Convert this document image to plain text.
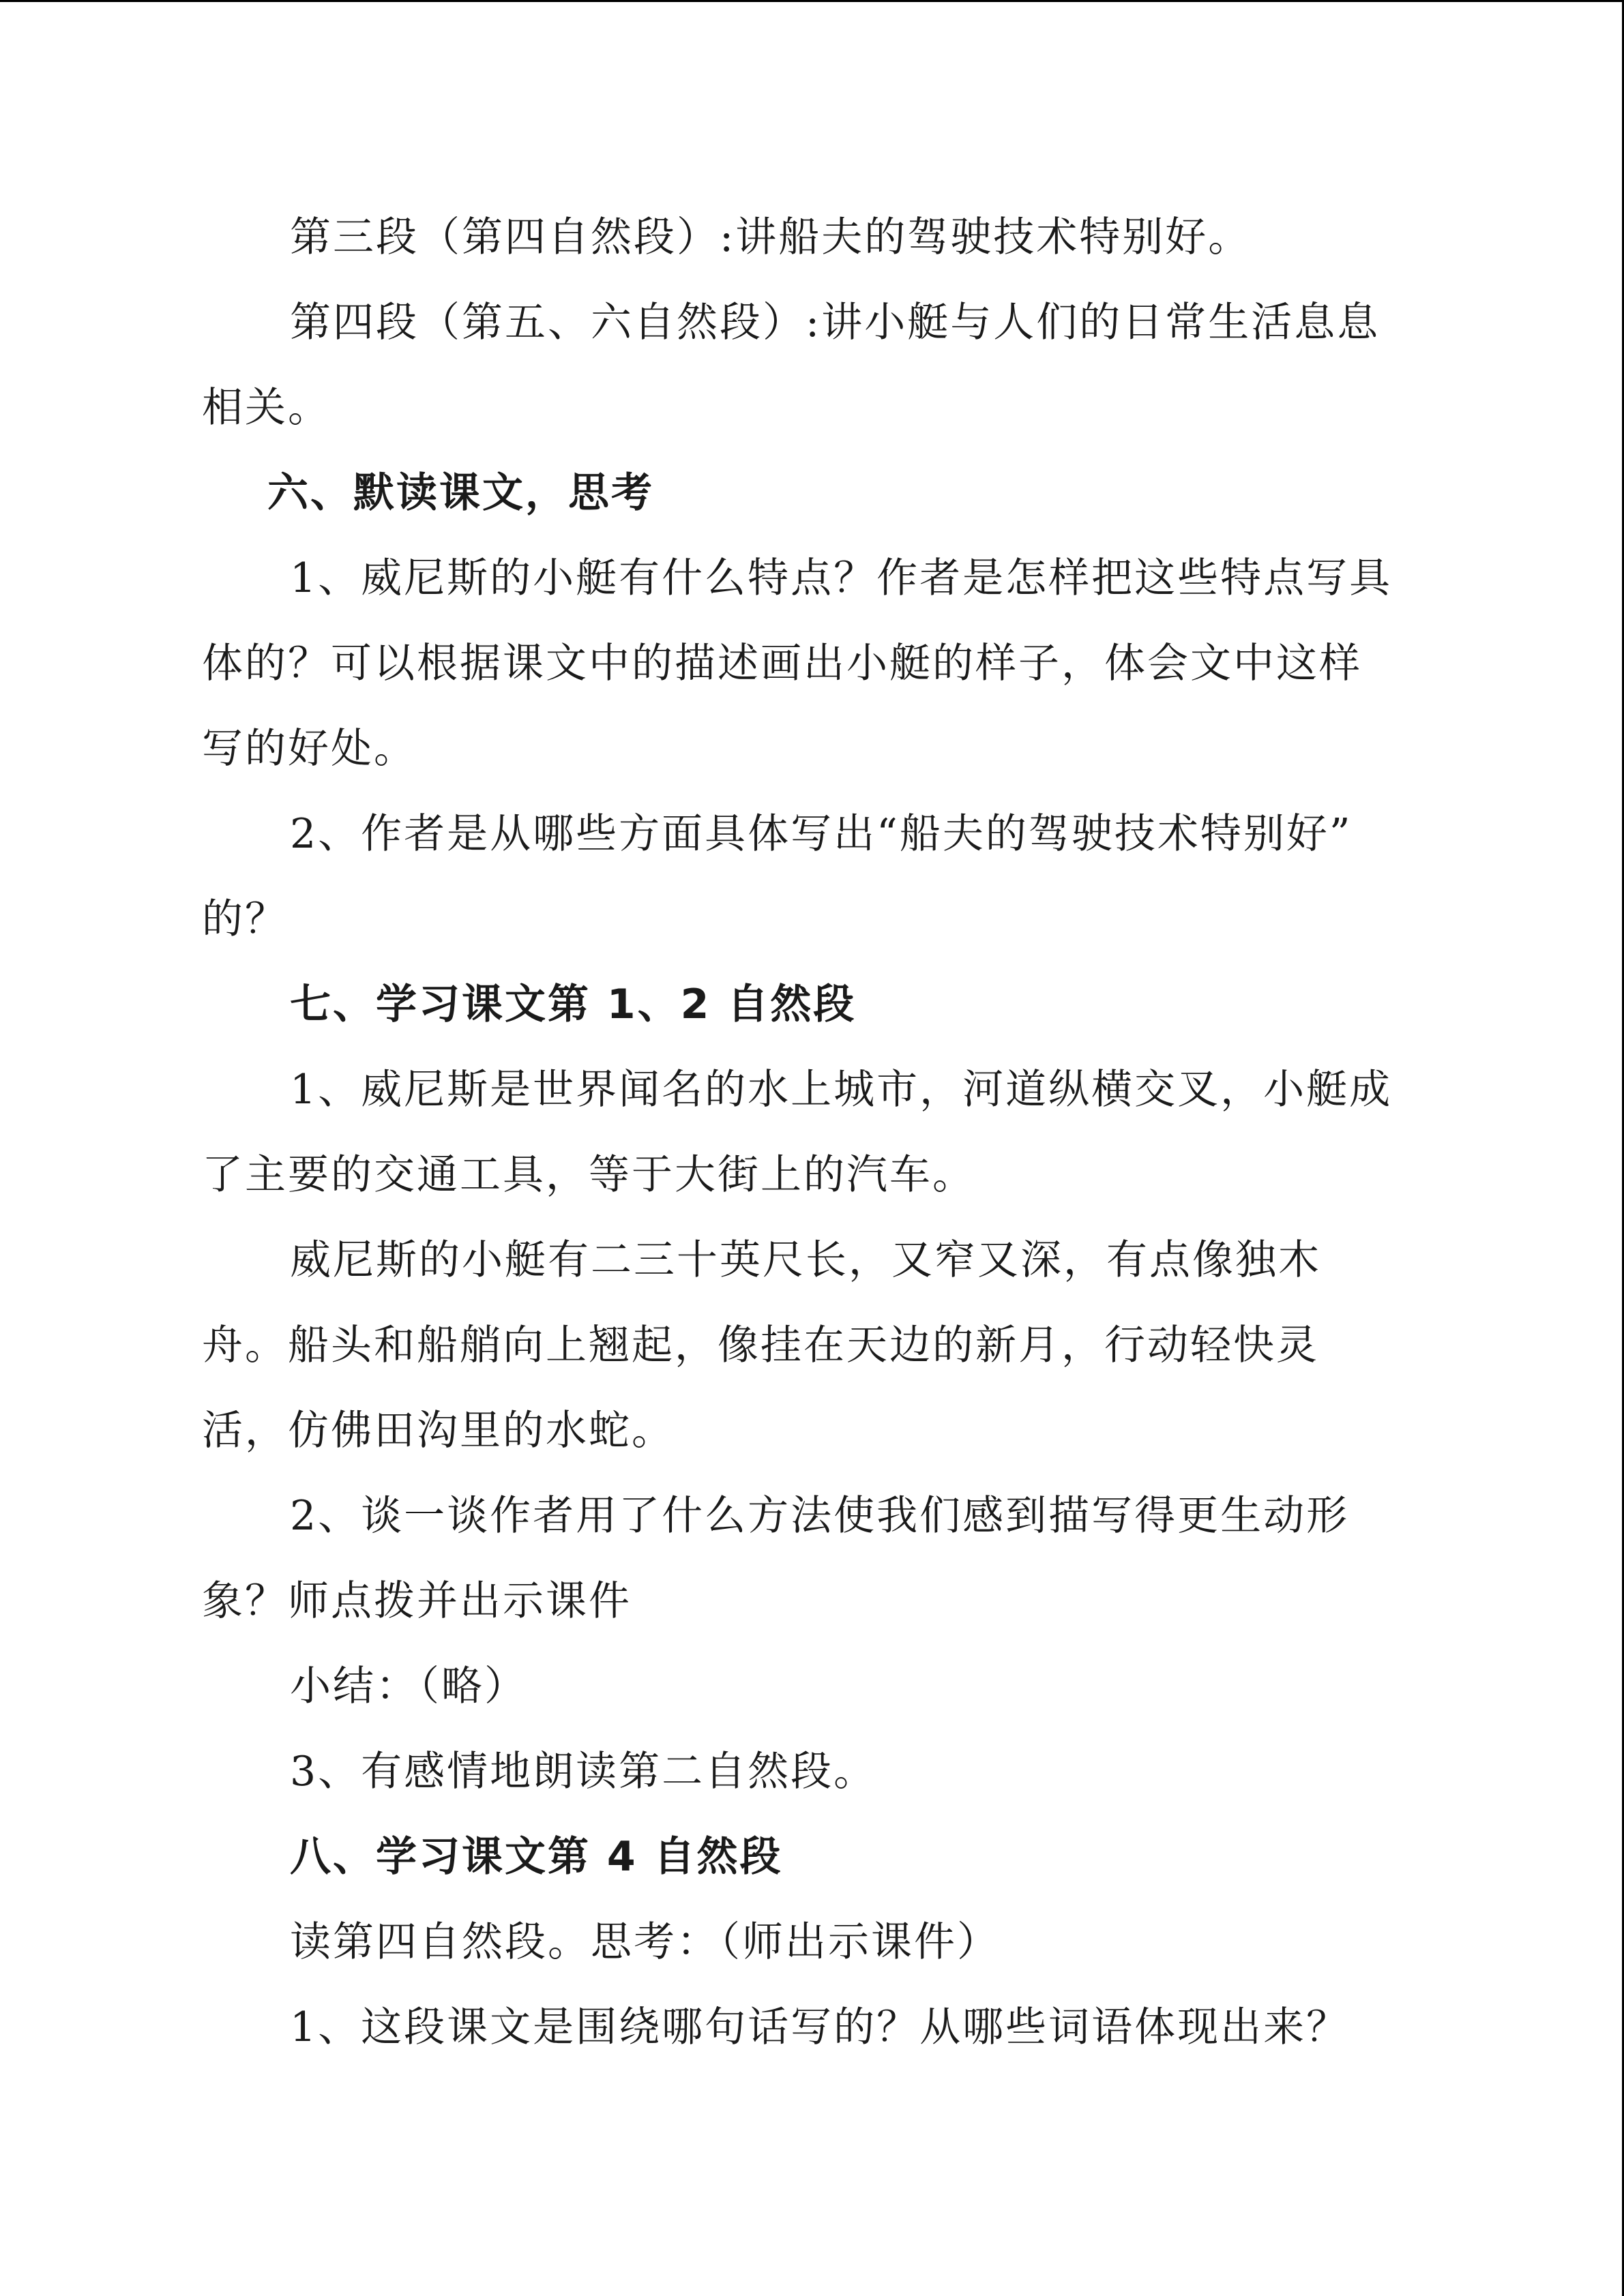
第三段（第四自然段）:讲船夫的驾驶技术特别好。
第四段（第五、六自然段）:讲小艇与人们的日常生活息息
相关。
六、默读课文，思考
1、威尼斯的小艇有什么特点？作者是怎样把这些特点写具
体的？可以根据课文中的描述画出小艇的样子，体会文中这样
写的好处。
2、作者是从哪些方面具体写出“船夫的驾驶技术特别好”
的？
七、学习课文第 1、2 自然段
1、威尼斯是世界闻名的水上城市，河道纵横交叉，小艇成
了主要的交通工具，等于大街上的汽车。
威尼斯的小艇有二三十英尺长，又窄又深，有点像独木
舟。船头和船艄向上翘起，像挂在天边的新月，行动轻快灵
活，仿佛田沟里的水蛇。
2、谈一谈作者用了什么方法使我们感到描写得更生动形
象？师点拨并出示课件
小结：（略）
3、有感情地朗读第二自然段。
八、学习课文第 4 自然段
读第四自然段。思考：（师出示课件）
1、这段课文是围绕哪句话写的？从哪些词语体现出来？
